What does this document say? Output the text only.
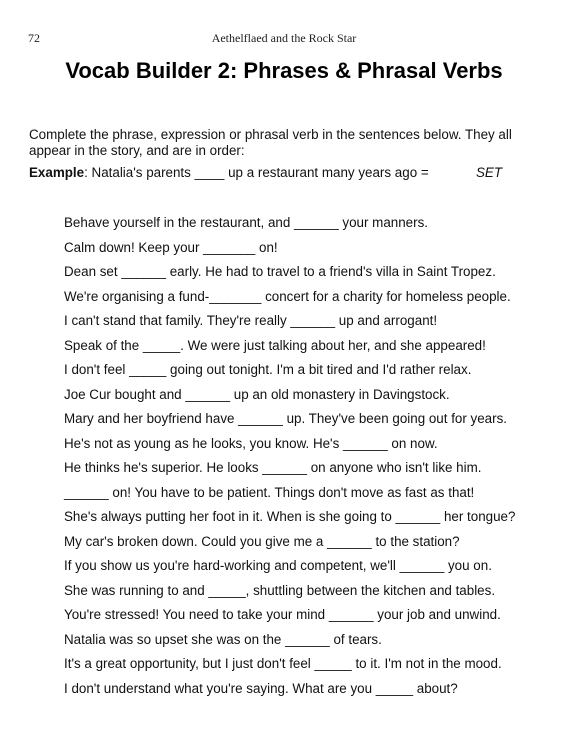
72	Aethelflaed and the Rock Star
Vocab Builder 2: Phrases & Phrasal Verbs
Complete the phrase, expression or phrasal verb in the sentences below. They all
appear in the story, and are in order:
Example: Natalia's parents ____ up a restaurant many years ago =	SET
Behave yourself in the restaurant, and ______ your manners.
Calm down! Keep your _______ on!
Dean set ______ early. He had to travel to a friend's villa in Saint Tropez.
We're organising a fund-_______ concert for a charity for homeless people.
I can't stand that family. They're really ______ up and arrogant!
Speak of the _____. We were just talking about her, and she appeared!
I don't feel _____ going out tonight. I'm a bit tired and I'd rather relax.
Joe Cur bought and ______ up an old monastery in Davingstock.
Mary and her boyfriend have ______ up. They've been going out for years.
He's not as young as he looks, you know. He's ______ on now.
He thinks he's superior. He looks ______ on anyone who isn't like him.
______ on! You have to be patient. Things don't move as fast as that!
She's always putting her foot in it. When is she going to ______ her tongue?
My car's broken down. Could you give me a ______ to the station?
If you show us you're hard-working and competent, we'll ______ you on.
She was running to and _____, shuttling between the kitchen and tables.
You're stressed! You need to take your mind ______ your job and unwind.
Natalia was so upset she was on the ______ of tears.
It's a great opportunity, but I just don't feel _____ to it. I'm not in the mood.
I don't understand what you're saying. What are you _____ about?
